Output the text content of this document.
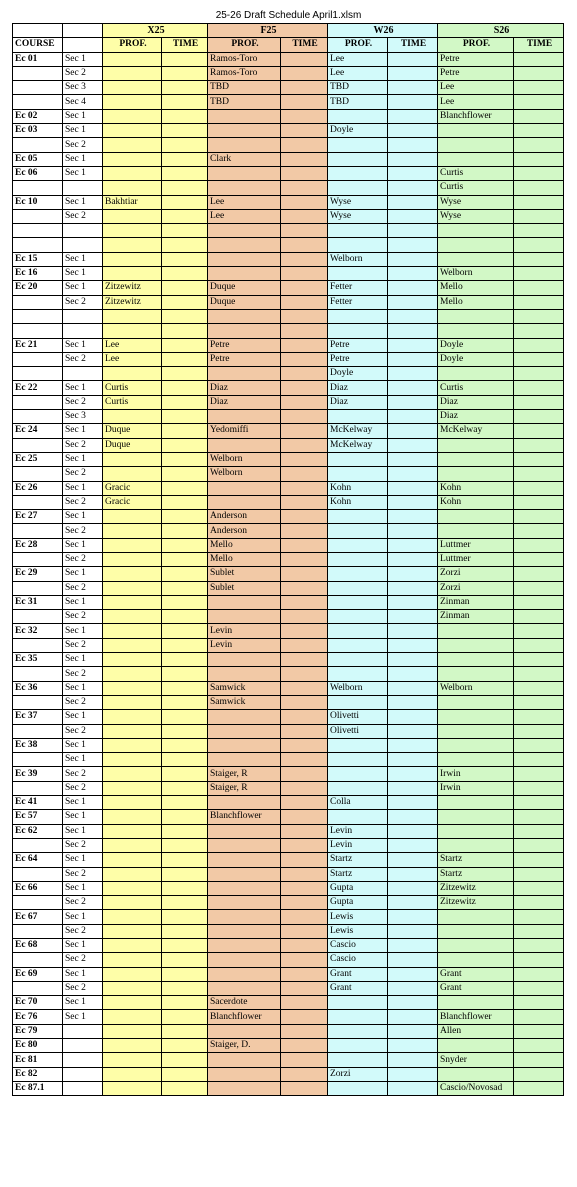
25-26 Draft Schedule April1.xlsm
		X25		F25		W26		S26	
COURSE		PROF.	TIME	PROF.	TIME	PROF.	TIME	PROF.	TIME
Ec 01	Sec 1			Ramos-Toro		Lee		Petre	
	Sec 2			Ramos-Toro		Lee		Petre	
	Sec 3			TBD		TBD		Lee	
	Sec 4			TBD		TBD		Lee	
Ec 02	Sec 1							Blanchflower	
Ec 03	Sec 1					Doyle			
	Sec 2								
Ec 05	Sec 1			Clark					
Ec 06	Sec 1							Curtis	
								Curtis	
Ec 10	Sec 1	Bakhtiar		Lee		Wyse		Wyse	
	Sec 2			Lee		Wyse		Wyse	

Ec 15	Sec 1					Welborn			
Ec 16	Sec 1							Welborn	
Ec 20	Sec 1	Zitzewitz		Duque		Fetter		Mello	
	Sec 2	Zitzewitz		Duque		Fetter		Mello	

Ec 21	Sec 1	Lee		Petre		Petre		Doyle	
	Sec 2	Lee		Petre		Petre		Doyle	
						Doyle			
Ec 22	Sec 1	Curtis		Diaz		Diaz		Curtis	
	Sec 2	Curtis		Diaz		Diaz		Diaz	
	Sec 3							Diaz	
Ec 24	Sec 1	Duque		Yedomiffi		McKelway		McKelway	
	Sec 2	Duque				McKelway			
Ec 25	Sec 1			Welborn					
	Sec 2			Welborn					
Ec 26	Sec 1	Gracic				Kohn		Kohn	
	Sec 2	Gracic				Kohn		Kohn	
Ec 27	Sec 1			Anderson					
	Sec 2			Anderson					
Ec 28	Sec 1			Mello				Luttmer	
	Sec 2			Mello				Luttmer	
Ec 29	Sec 1			Sublet				Zorzi	
	Sec 2			Sublet				Zorzi	
Ec 31	Sec 1							Zinman	
	Sec 2							Zinman	
Ec 32	Sec 1			Levin					
	Sec 2			Levin					
Ec 35	Sec 1								
	Sec 2								
Ec 36	Sec 1			Samwick		Welborn		Welborn	
	Sec 2			Samwick					
Ec 37	Sec 1					Olivetti			
	Sec 2					Olivetti			
Ec 38	Sec 1								
	Sec 1								
Ec 39	Sec 2			Staiger, R				Irwin	
	Sec 2			Staiger, R				Irwin	
Ec 41	Sec 1					Colla			
Ec 57	Sec 1			Blanchflower					
Ec 62	Sec 1					Levin			
	Sec 2					Levin			
Ec 64	Sec 1					Startz		Startz	
	Sec 2					Startz		Startz	
Ec 66	Sec 1					Gupta		Zitzewitz	
	Sec 2					Gupta		Zitzewitz	
Ec 67	Sec 1					Lewis			
	Sec 2					Lewis			
Ec 68	Sec 1					Cascio			
	Sec 2					Cascio			
Ec 69	Sec 1					Grant		Grant	
	Sec 2					Grant		Grant	
Ec 70	Sec 1			Sacerdote					
Ec 76	Sec 1			Blanchflower				Blanchflower	
Ec 79								Allen	
Ec 80				Staiger, D.					
Ec 81								Snyder	
Ec 82						Zorzi			
Ec 87.1								Cascio/Novosad	
